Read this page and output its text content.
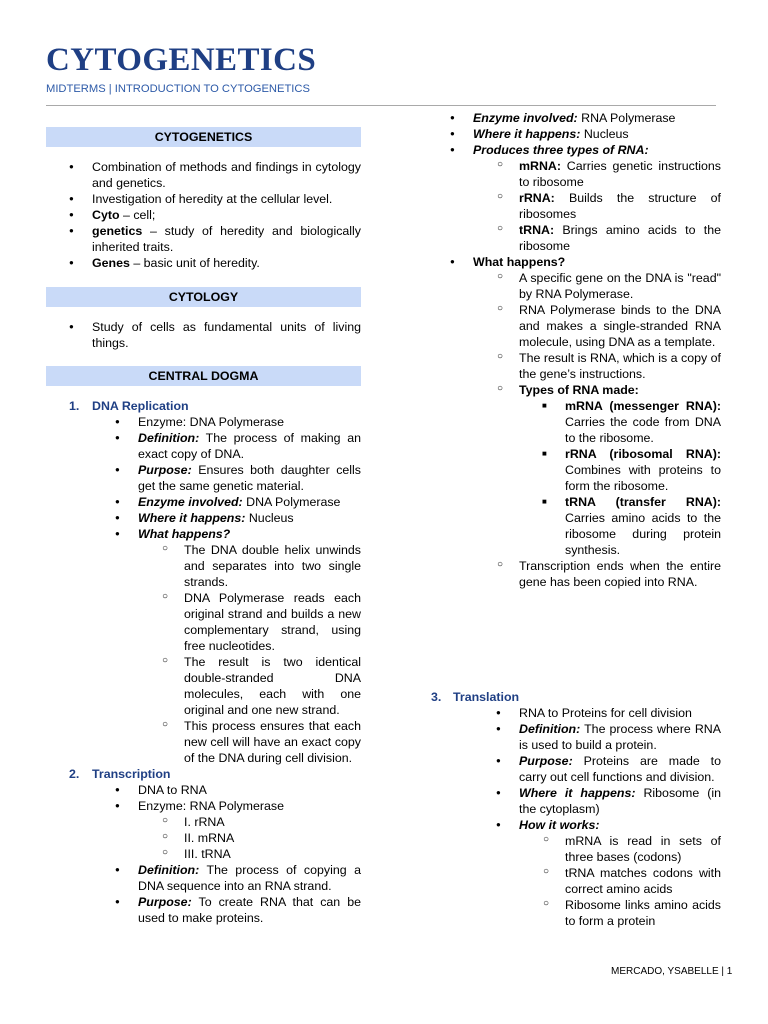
CYTOGENETICS
MIDTERMS | INTRODUCTION TO CYTOGENETICS
CYTOGENETICS
● Combination of methods and findings in cytology and genetics.
● Investigation of heredity at the cellular level.
● Cyto – cell;
● genetics – study of heredity and biologically inherited traits.
● Genes – basic unit of heredity.
CYTOLOGY
● Study of cells as fundamental units of living things.
CENTRAL DOGMA
1. DNA Replication
● Enzyme: DNA Polymerase
● Definition: The process of making an exact copy of DNA.
● Purpose: Ensures both daughter cells get the same genetic material.
● Enzyme involved: DNA Polymerase
● Where it happens: Nucleus
● What happens?
○ The DNA double helix unwinds and separates into two single strands.
○ DNA Polymerase reads each original strand and builds a new complementary strand, using free nucleotides.
○ The result is two identical double-stranded DNA molecules, each with one original and one new strand.
○ This process ensures that each new cell will have an exact copy of the DNA during cell division.
2. Transcription
● DNA to RNA
● Enzyme: RNA Polymerase
○ I. rRNA
○ II. mRNA
○ III. tRNA
● Definition: The process of copying a DNA sequence into an RNA strand.
● Purpose: To create RNA that can be used to make proteins.
● Enzyme involved: RNA Polymerase
● Where it happens: Nucleus
● Produces three types of RNA:
○ mRNA: Carries genetic instructions to ribosome
○ rRNA: Builds the structure of ribosomes
○ tRNA: Brings amino acids to the ribosome
● What happens?
○ A specific gene on the DNA is "read" by RNA Polymerase.
○ RNA Polymerase binds to the DNA and makes a single-stranded RNA molecule, using DNA as a template.
○ The result is RNA, which is a copy of the gene’s instructions.
○ Types of RNA made:
■ mRNA (messenger RNA): Carries the code from DNA to the ribosome.
■ rRNA (ribosomal RNA): Combines with proteins to form the ribosome.
■ tRNA (transfer RNA): Carries amino acids to the ribosome during protein synthesis.
○ Transcription ends when the entire gene has been copied into RNA.
3. Translation
● RNA to Proteins for cell division
● Definition: The process where RNA is used to build a protein.
● Purpose: Proteins are made to carry out cell functions and division.
● Where it happens: Ribosome (in the cytoplasm)
● How it works:
○ mRNA is read in sets of three bases (codons)
○ tRNA matches codons with correct amino acids
○ Ribosome links amino acids to form a protein
MERCADO, YSABELLE | 1
